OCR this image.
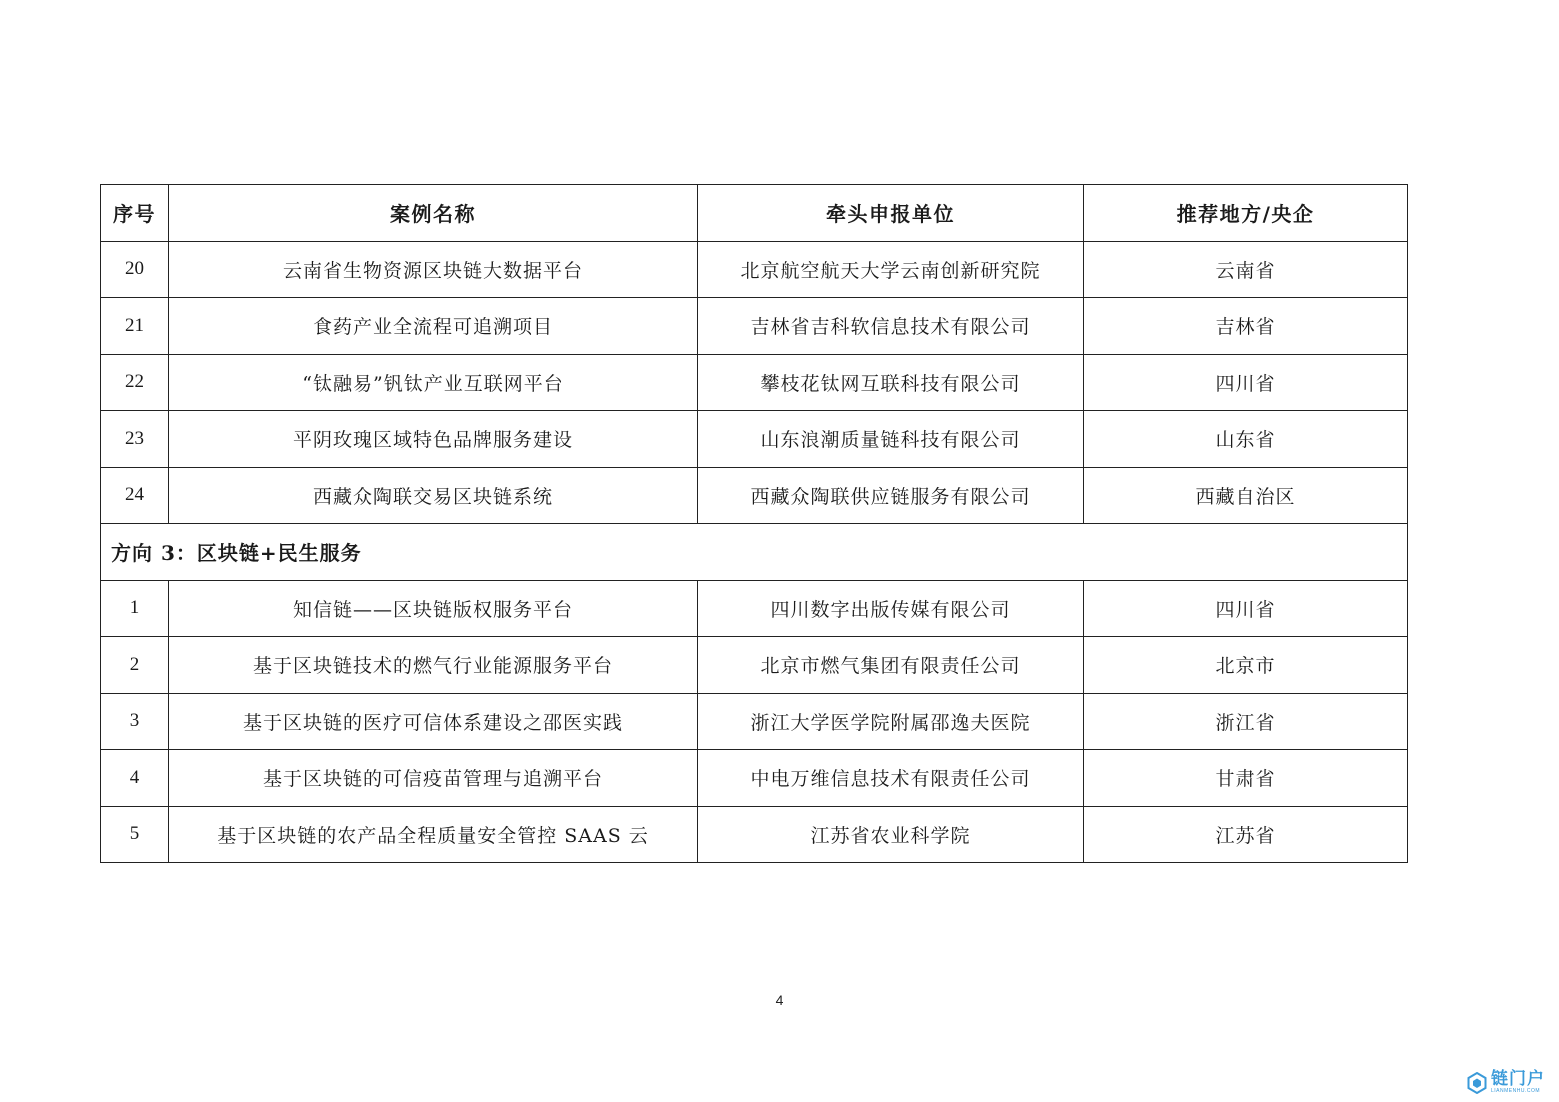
序号	案例名称	牵头申报单位	推荐地方/央企
20	云南省生物资源区块链大数据平台	北京航空航天大学云南创新研究院	云南省
21	食药产业全流程可追溯项目	吉林省吉科软信息技术有限公司	吉林省
22	“钛融易”钒钛产业互联网平台	攀枝花钛网互联科技有限公司	四川省
23	平阴玫瑰区域特色品牌服务建设	山东浪潮质量链科技有限公司	山东省
24	西藏众陶联交易区块链系统	西藏众陶联供应链服务有限公司	西藏自治区
方向 3：区块链+民生服务			
1	知信链——区块链版权服务平台	四川数字出版传媒有限公司	四川省
2	基于区块链技术的燃气行业能源服务平台	北京市燃气集团有限责任公司	北京市
3	基于区块链的医疗可信体系建设之邵医实践	浙江大学医学院附属邵逸夫医院	浙江省
4	基于区块链的可信疫苗管理与追溯平台	中电万维信息技术有限责任公司	甘肃省
5	基于区块链的农产品全程质量安全管控 SAAS 云	江苏省农业科学院	江苏省
4
链门户
LIANMENHU.COM
